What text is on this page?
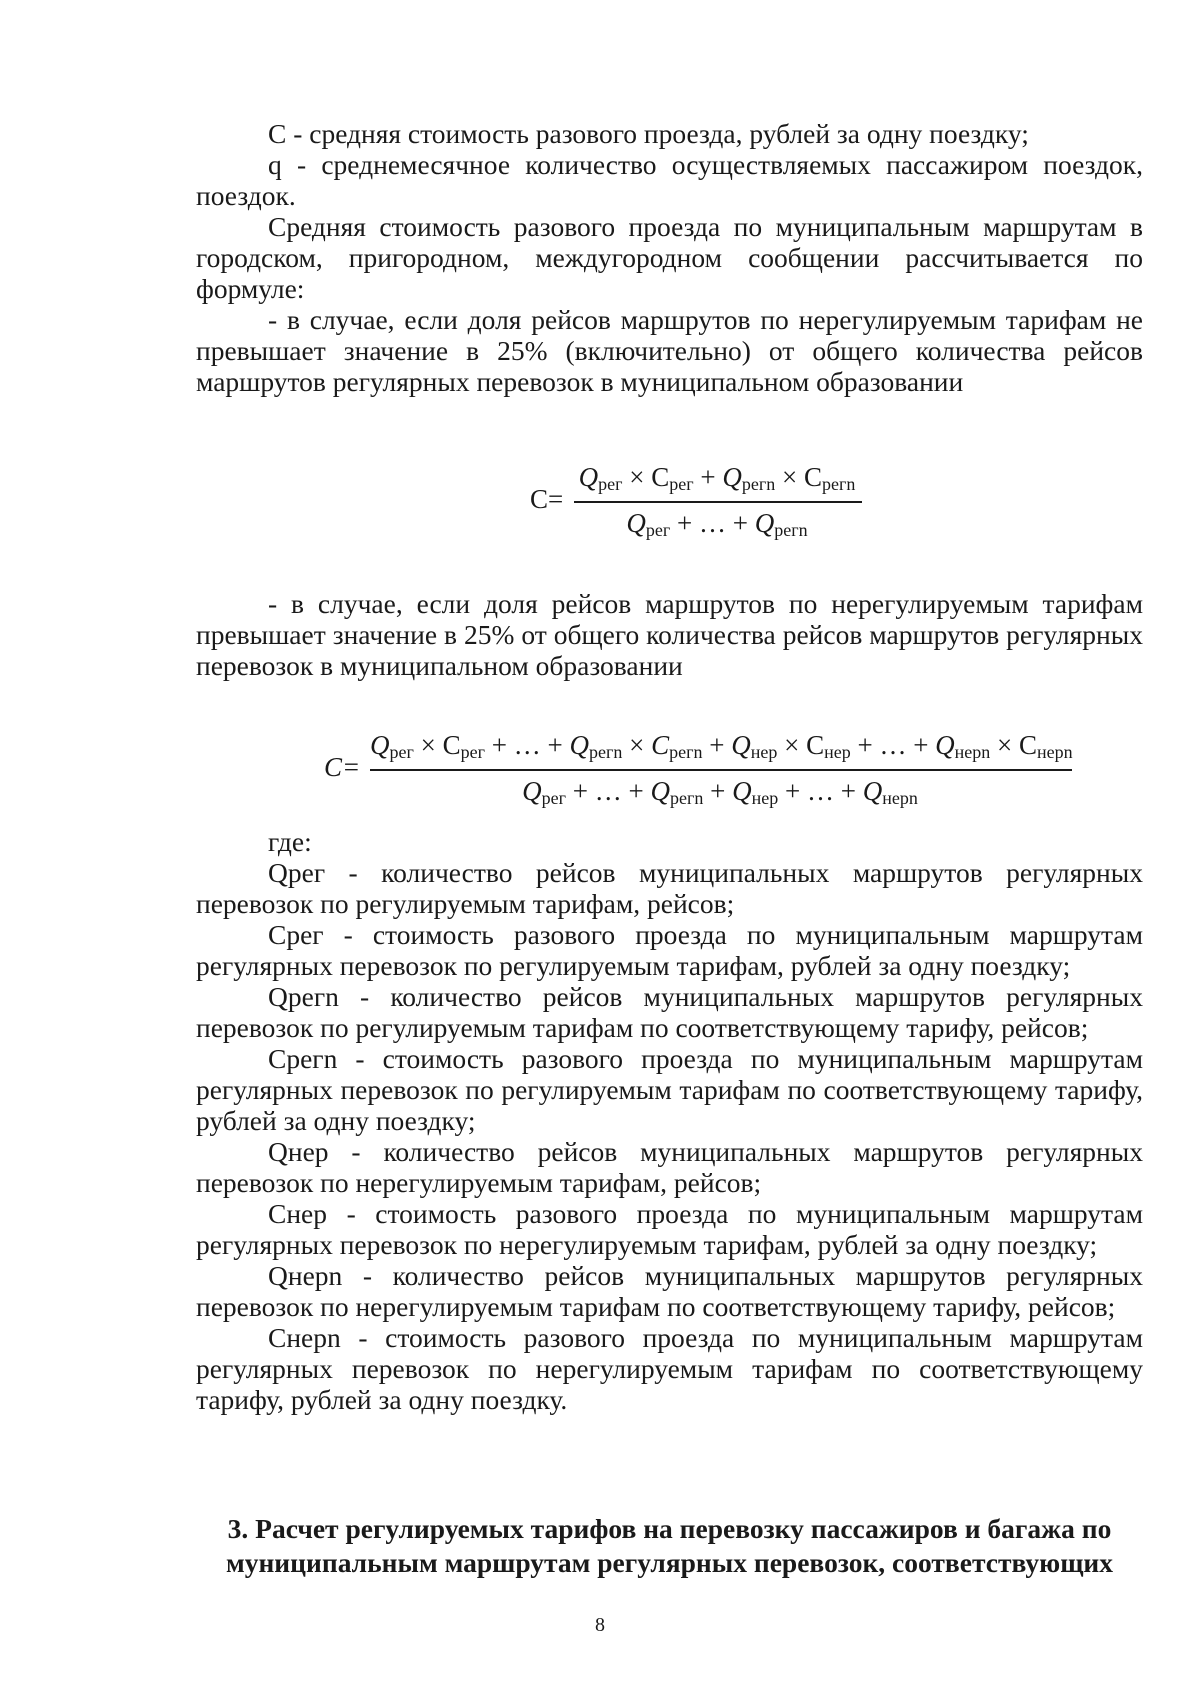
С - средняя стоимость разового проезда, рублей за одну поездку;

q - среднемесячное количество осуществляемых пассажиром поездок, поездок.

Средняя стоимость разового проезда по муниципальным маршрутам в городском, пригородном, междугородном сообщении рассчитывается по формуле:

- в случае, если доля рейсов маршрутов по нерегулируемым тарифам не превышает значение в 25% (включительно) от общего количества рейсов маршрутов регулярных перевозок в муниципальном образовании

С=
$Q_{рег} \times С_{рег} + Q_{регn} \times С_{регn}$
$Q_{рег}$ + … + $Q_{регn}$

- в случае, если доля рейсов маршрутов по нерегулируемым тарифам превышает значение в 25% от общего количества рейсов маршрутов регулярных перевозок в муниципальном образовании

C=
$Q_{рег} \times С_{рег}$ + … + $Q_{регn} \times С_{регn} + Q_{нер} \times С_{нер}$ + … + $Q_{нерn} \times С_{нерn}$
$Q_{рег}$ + … + $Q_{регn} + Q_{нер}$ + … + $Q_{нерn}$

где:

Qрег - количество рейсов муниципальных маршрутов регулярных перевозок по регулируемым тарифам, рейсов;

Срег - стоимость разового проезда по муниципальным маршрутам регулярных перевозок по регулируемым тарифам, рублей за одну поездку;

Qрегn - количество рейсов муниципальных маршрутов регулярных перевозок по регулируемым тарифам по соответствующему тарифу, рейсов;

Срегn - стоимость разового проезда по муниципальным маршрутам регулярных перевозок по регулируемым тарифам по соответствующему тарифу, рублей за одну поездку;

Qнер - количество рейсов муниципальных маршрутов регулярных перевозок по нерегулируемым тарифам, рейсов;

Снер - стоимость разового проезда по муниципальным маршрутам регулярных перевозок по нерегулируемым тарифам, рублей за одну поездку;

Qнерn - количество рейсов муниципальных маршрутов регулярных перевозок по нерегулируемым тарифам по соответствующему тарифу, рейсов;

Снерn - стоимость разового проезда по муниципальным маршрутам регулярных перевозок по нерегулируемым тарифам по соответствующему тарифу, рублей за одну поездку.

3. Расчет регулируемых тарифов на перевозку пассажиров и багажа по муниципальным маршрутам регулярных перевозок, соответствующих
8
